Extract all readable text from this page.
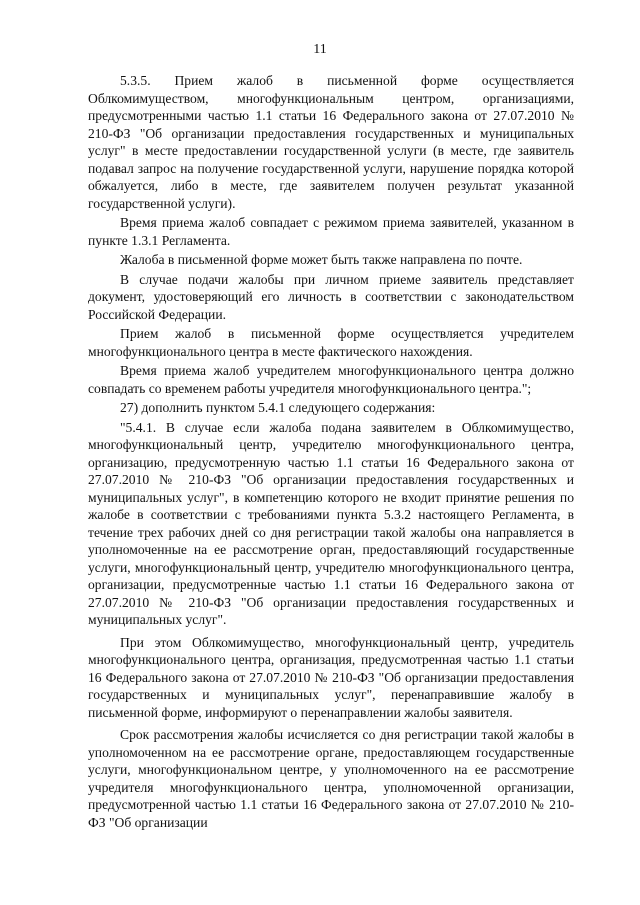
11

5.3.5. Прием жалоб в письменной форме осуществляется Облкомимуществом, многофункциональным центром, организациями, предусмотренными частью 1.1 статьи 16 Федерального закона от 27.07.2010 № 210-ФЗ "Об организации предоставления государственных и муниципальных услуг" в месте предоставлении государственной услуги (в месте, где заявитель подавал запрос на получение государственной услуги, нарушение порядка которой обжалуется, либо в месте, где заявителем получен результат указанной государственной услуги).

Время приема жалоб совпадает с режимом приема заявителей, указанном в пункте 1.3.1 Регламента.

Жалоба в письменной форме может быть также направлена по почте.

В случае подачи жалобы при личном приеме заявитель представляет документ, удостоверяющий его личность в соответствии с законодательством Российской Федерации.

Прием жалоб в письменной форме осуществляется учредителем многофункционального центра в месте фактического нахождения.

Время приема жалоб учредителем многофункционального центра должно совпадать со временем работы учредителя многофункционального центра.";

27) дополнить пунктом 5.4.1 следующего содержания:

"5.4.1. В случае если жалоба подана заявителем в Облкомимущество, многофункциональный центр, учредителю многофункционального центра, организацию, предусмотренную частью 1.1 статьи 16 Федерального закона от 27.07.2010 № 210-ФЗ "Об организации предоставления государственных и муниципальных услуг", в компетенцию которого не входит принятие решения по жалобе в соответствии с требованиями пункта 5.3.2 настоящего Регламента, в течение трех рабочих дней со дня регистрации такой жалобы она направляется в уполномоченные на ее рассмотрение орган, предоставляющий государственные услуги, многофункциональный центр, учредителю многофункционального центра, организации, предусмотренные частью 1.1 статьи 16 Федерального закона от 27.07.2010 № 210-ФЗ "Об организации предоставления государственных и муниципальных услуг".

При этом Облкомимущество, многофункциональный центр, учредитель многофункционального центра, организация, предусмотренная частью 1.1 статьи 16 Федерального закона от 27.07.2010 № 210-ФЗ "Об организации предоставления государственных и муниципальных услуг", перенаправившие жалобу в письменной форме, информируют о перенаправлении жалобы заявителя.

Срок рассмотрения жалобы исчисляется со дня регистрации такой жалобы в уполномоченном на ее рассмотрение органе, предоставляющем государственные услуги, многофункциональном центре, у уполномоченного на ее рассмотрение учредителя многофункционального центра, уполномоченной организации, предусмотренной частью 1.1 статьи 16 Федерального закона от 27.07.2010 № 210-ФЗ "Об организации
